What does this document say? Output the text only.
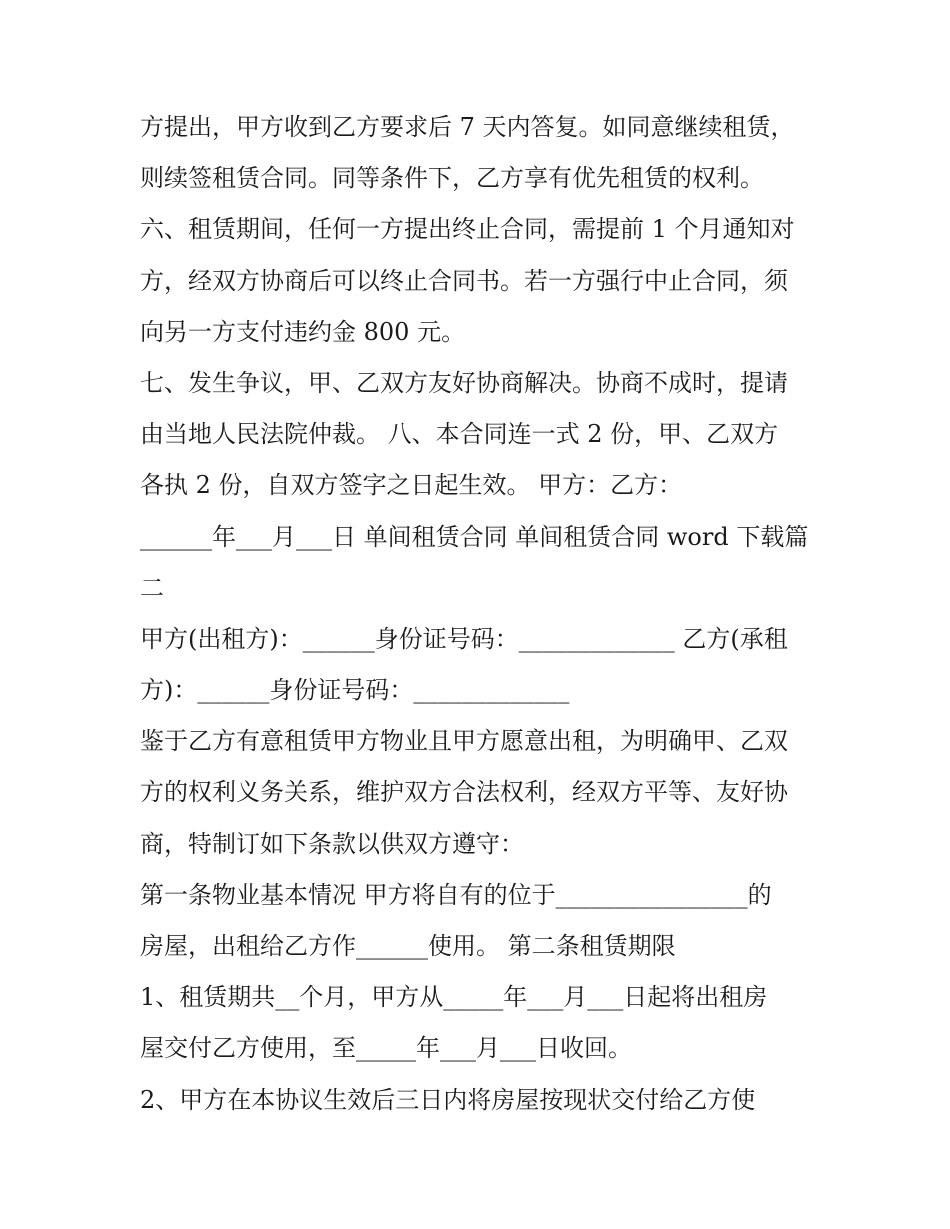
方提出，甲方收到乙方要求后 7 天内答复。如同意继续租赁，
则续签租赁合同。同等条件下，乙方享有优先租赁的权利。
六、租赁期间，任何一方提出终止合同，需提前 1 个月通知对
方，经双方协商后可以终止合同书。若一方强行中止合同，须
向另一方支付违约金 800 元。
七、发生争议，甲、乙双方友好协商解决。协商不成时，提请
由当地人民法院仲裁。 八、本合同连一式 2 份，甲、乙双方
各执 2 份，自双方签字之日起生效。 甲方：乙方：
______年___月___日 单间租赁合同 单间租赁合同 word 下载篇
二
甲方(出租方)：______身份证号码：_____________ 乙方(承租
方)：______身份证号码：_____________
鉴于乙方有意租赁甲方物业且甲方愿意出租，为明确甲、乙双
方的权利义务关系，维护双方合法权利，经双方平等、友好协
商，特制订如下条款以供双方遵守：
第一条物业基本情况 甲方将自有的位于________________的
房屋，出租给乙方作______使用。 第二条租赁期限
1、租赁期共__个月，甲方从_____年___月___日起将出租房
屋交付乙方使用，至_____年___月___日收回。
2、甲方在本协议生效后三日内将房屋按现状交付给乙方使
